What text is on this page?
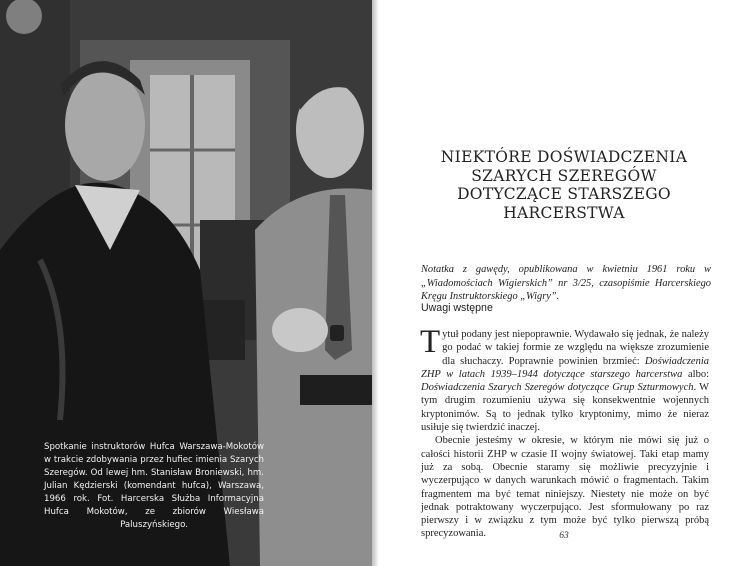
Spotkanie instruktorów Hufca Warszawa-Mokotów w trakcie zdobywania przez hufiec imienia Szarych Szeregów. Od lewej hm. Stanisław Broniewski, hm. Julian Kędzierski (komendant hufca), Warszawa, 1966 rok. Fot. Harcerska Służba Informacyjna Hufca Mokotów, ze zbiorów Wiesława Paluszyńskiego.
NIEKTÓRE DOŚWIADCZENIA
SZARYCH SZEREGÓW
DOTYCZĄCE STARSZEGO
HARCERSTWA
Notatka z gawędy, opublikowana w kwietniu 1961 roku w „Wiadomościach Wigierskich” nr 3/25, czasopiśmie Harcerskiego Kręgu Instruktorskiego „Wigry”.
Uwagi wstępne

Tytuł podany jest niepoprawnie. Wydawało się jednak, że należy go podać w takiej formie ze względu na większe zrozumienie dla słuchaczy. Poprawnie powinien brzmieć: Doświadczenia ZHP w latach 1939–1944 dotyczące starszego harcerstwa albo: Doświadczenia Szarych Szeregów dotyczące Grup Szturmowych. W tym drugim rozumieniu używa się konsekwentnie wojennych kryptonimów. Są to jednak tylko kryptonimy, mimo że nieraz usiłuje się twierdzić inaczej.

Obecnie jesteśmy w okresie, w którym nie mówi się już o całości historii ZHP w czasie II wojny światowej. Taki etap mamy już za sobą. Obecnie staramy się możliwie precyzyjnie i wyczerpująco w danych warunkach mówić o fragmentach. Takim fragmentem ma być temat niniejszy. Niestety nie może on być jednak potraktowany wyczerpująco. Jest sformułowany po raz pierwszy i w związku z tym może być tylko pierwszą próbą sprecyzowania.	63
